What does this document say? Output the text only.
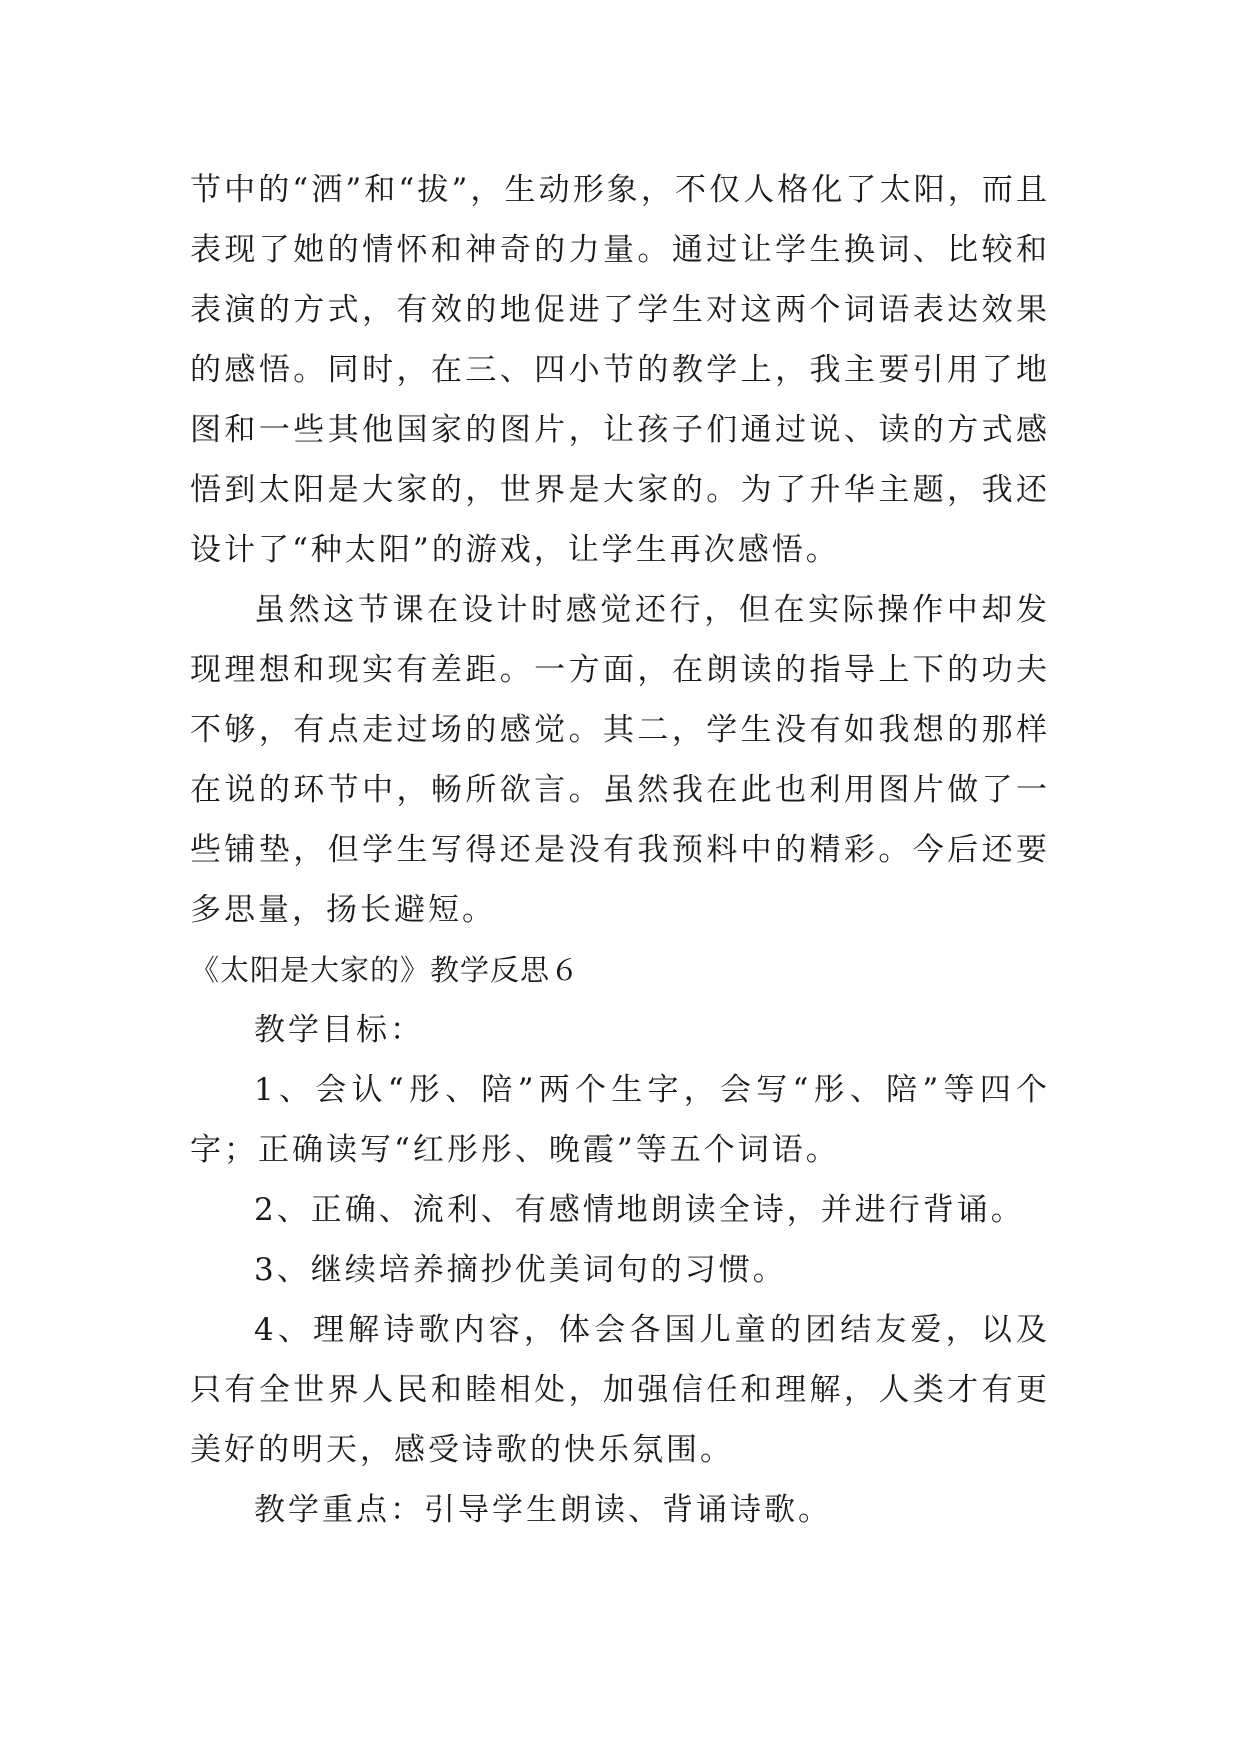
节中的“洒”和“拔”，生动形象，不仅人格化了太阳，而且表现了她的情怀和神奇的力量。通过让学生换词、比较和表演的方式，有效的地促进了学生对这两个词语表达效果的感悟。同时，在三、四小节的教学上，我主要引用了地图和一些其他国家的图片，让孩子们通过说、读的方式感悟到太阳是大家的，世界是大家的。为了升华主题，我还设计了“种太阳”的游戏，让学生再次感悟。

虽然这节课在设计时感觉还行，但在实际操作中却发现理想和现实有差距。一方面，在朗读的指导上下的功夫不够，有点走过场的感觉。其二，学生没有如我想的那样在说的环节中，畅所欲言。虽然我在此也利用图片做了一些铺垫，但学生写得还是没有我预料中的精彩。今后还要多思量，扬长避短。

《太阳是大家的》教学反思６

教学目标：

1、会认“彤、陪”两个生字，会写“彤、陪”等四个字；正确读写“红彤彤、晚霞”等五个词语。

2、正确、流利、有感情地朗读全诗，并进行背诵。

3、继续培养摘抄优美词句的习惯。

4、理解诗歌内容，体会各国儿童的团结友爱，以及只有全世界人民和睦相处，加强信任和理解，人类才有更美好的明天，感受诗歌的快乐氛围。

教学重点：引导学生朗读、背诵诗歌。
